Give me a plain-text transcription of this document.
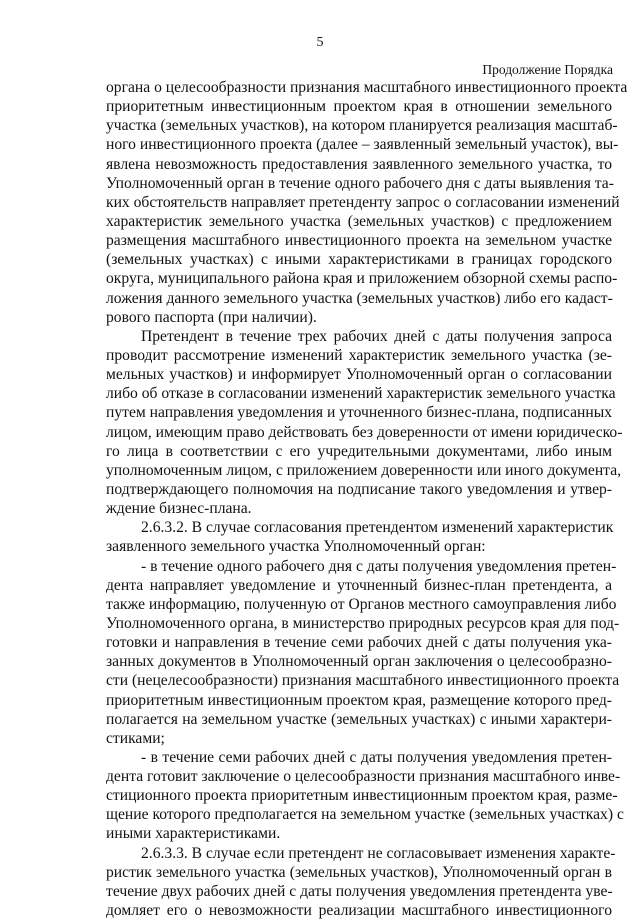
5
Продолжение Порядка
органа о целесообразности признания масштабного инвестиционного проекта
приоритетным инвестиционным проектом края в отношении земельного
участка (земельных участков), на котором планируется реализация масштаб-
ного инвестиционного проекта (далее – заявленный земельный участок), вы-
явлена невозможность предоставления заявленного земельного участка, то
Уполномоченный орган в течение одного рабочего дня с даты выявления та-
ких обстоятельств направляет претенденту запрос о согласовании изменений
характеристик земельного участка (земельных участков) с предложением
размещения масштабного инвестиционного проекта на земельном участке
(земельных участках) с иными характеристиками в границах городского
округа, муниципального района края и приложением обзорной схемы распо-
ложения данного земельного участка (земельных участков) либо его кадаст-
рового паспорта (при наличии).
Претендент в течение трех рабочих дней с даты получения запроса
проводит рассмотрение изменений характеристик земельного участка (зе-
мельных участков) и информирует Уполномоченный орган о согласовании
либо об отказе в согласовании изменений характеристик земельного участка
путем направления уведомления и уточненного бизнес-плана, подписанных
лицом, имеющим право действовать без доверенности от имени юридическо-
го лица в соответствии с его учредительными документами, либо иным
уполномоченным лицом, с приложением доверенности или иного документа,
подтверждающего полномочия на подписание такого уведомления и утвер-
ждение бизнес-плана.
2.6.3.2. В случае согласования претендентом изменений характеристик
заявленного земельного участка Уполномоченный орган:
- в течение одного рабочего дня с даты получения уведомления претен-
дента направляет уведомление и уточненный бизнес-план претендента, а
также информацию, полученную от Органов местного самоуправления либо
Уполномоченного органа, в министерство природных ресурсов края для под-
готовки и направления в течение семи рабочих дней с даты получения ука-
занных документов в Уполномоченный орган заключения о целесообразно-
сти (нецелесообразности) признания масштабного инвестиционного проекта
приоритетным инвестиционным проектом края, размещение которого пред-
полагается на земельном участке (земельных участках) с иными характери-
стиками;
- в течение семи рабочих дней с даты получения уведомления претен-
дента готовит заключение о целесообразности признания масштабного инве-
стиционного проекта приоритетным инвестиционным проектом края, разме-
щение которого предполагается на земельном участке (земельных участках) с
иными характеристиками.
2.6.3.3. В случае если претендент не согласовывает изменения характе-
ристик земельного участка (земельных участков), Уполномоченный орган в
течение двух рабочих дней с даты получения уведомления претендента уве-
домляет его о невозможности реализации масштабного инвестиционного
